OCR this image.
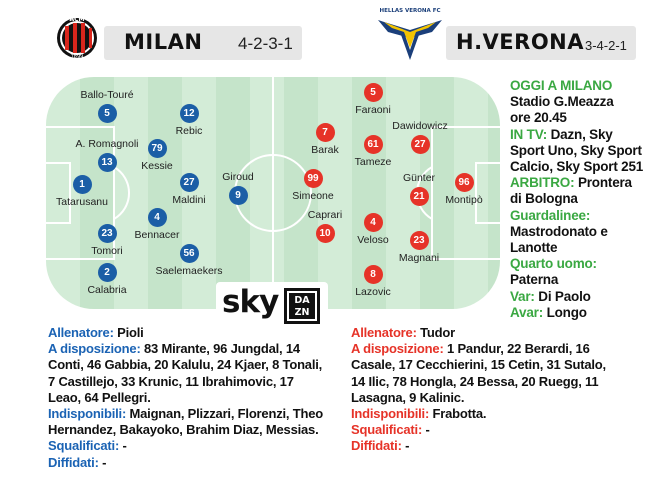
ACM
1899
MILAN 4-2-3-1
HELLAS VERONA FC
H.VERONA 3-4-2-1
Ballo-Touré
5
A. Romagnoli
13
1
Tatarusanu
23
Tomori
2
Calabria
79
Kessie
4
Bennacer
12
Rebic
27
Maldini
56
Saelemaekers
Giroud
9
96
Montipò
Dawidowicz
27
Günter
21
23
Magnani
5
Faraoni
61
Tameze
4
Veloso
8
Lazovic
7
Barak
Caprari
10
99
Simeone
sky	DA
ZN
OGGI A MILANO
Stadio G.Meazza
ore 20.45
IN TV: Dazn, Sky Sport Uno, Sky Sport Calcio, Sky Sport 251
ARBITRO: Prontera di Bologna
Guardalinee: Mastrodonato e Lanotte
Quarto uomo: Paterna
Var: Di Paolo
Avar: Longo
Allenatore: Pioli
A disposizione: 83 Mirante, 96 Jungdal, 14 Conti, 46 Gabbia, 20 Kalulu, 24 Kjaer, 8 Tonali, 7 Castillejo, 33 Krunic, 11 Ibrahimovic, 17 Leao, 64 Pellegri.
Indisponibili: Maignan, Plizzari, Florenzi, Theo Hernandez, Bakayoko, Brahim Diaz, Messias.
Squalificati: -
Diffidati: -
Allenatore: Tudor
A disposizione: 1 Pandur, 22 Berardi, 16 Casale, 17 Cecchierini, 15 Cetin, 31 Sutalo, 14 Ilic, 78 Hongla, 24 Bessa, 20 Ruegg, 11 Lasagna, 9 Kalinic.
Indisponibili: Frabotta.
Squalificati: -
Diffidati: -
